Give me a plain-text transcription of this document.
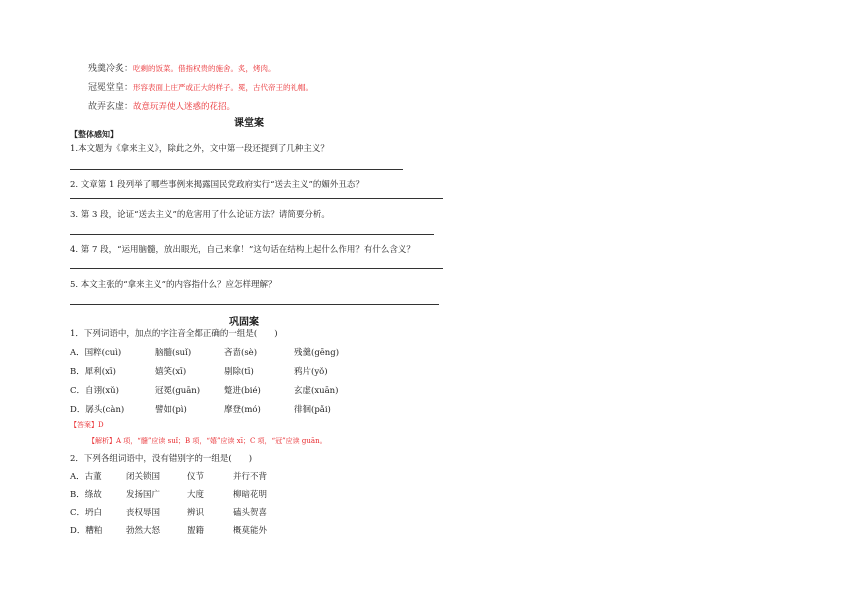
残羹冷炙：吃剩的饭菜。借指权贵的施舍。炙，烤肉。
冠冕堂皇：形容表面上庄严或正大的样子。冕，古代帝王的礼帽。
故弄玄虚：故意玩弄使人迷惑的花招。
课堂案
【整体感知】
1.本文题为《拿来主义》，除此之外，文中第一段还提到了几种主义？
2. 文章第 1 段列举了哪些事例来揭露国民党政府实行“送去主义”的媚外丑态？
3. 第 3 段，论证“送去主义”的危害用了什么论证方法？请简要分析。
4. 第 7 段，“运用脑髓，放出眼光，自己来拿！”这句话在结构上起什么作用？有什么含义？
5. 本文主张的“拿来主义”的内容指什么？应怎样理解？
巩固案
1．下列词语中，加点的字注音全都正确的一组是(　　)
A．国粹(cuì)	脑髓(suǐ)	吝啬(sè)	残羹(gēng)
B．犀利(xī)	嬉笑(xī)	剔除(tī)	鸦片(yǒ)
C．自诩(xǔ)	冠冕(guān)	蹩进(bié)	玄虚(xuān)
D．孱头(càn)	譬如(pì)	摩登(mó)	徘徊(pǎi)
【答案】D
【解析】A 项，“髓”应读 suǐ；B 项，“嬉”应读 xī；C 项，“冠”应读 guān。
2．下列各组词语中，没有错别字的一组是(　　)
A．古董	闭关锁国	仪节	并行不背
B．绦故	发扬国广	大度	柳暗花明
C．坍白	丧权辱国	辨识	磕头贺喜
D．糟粕	勃然大怒	盥籍	概莫能外
